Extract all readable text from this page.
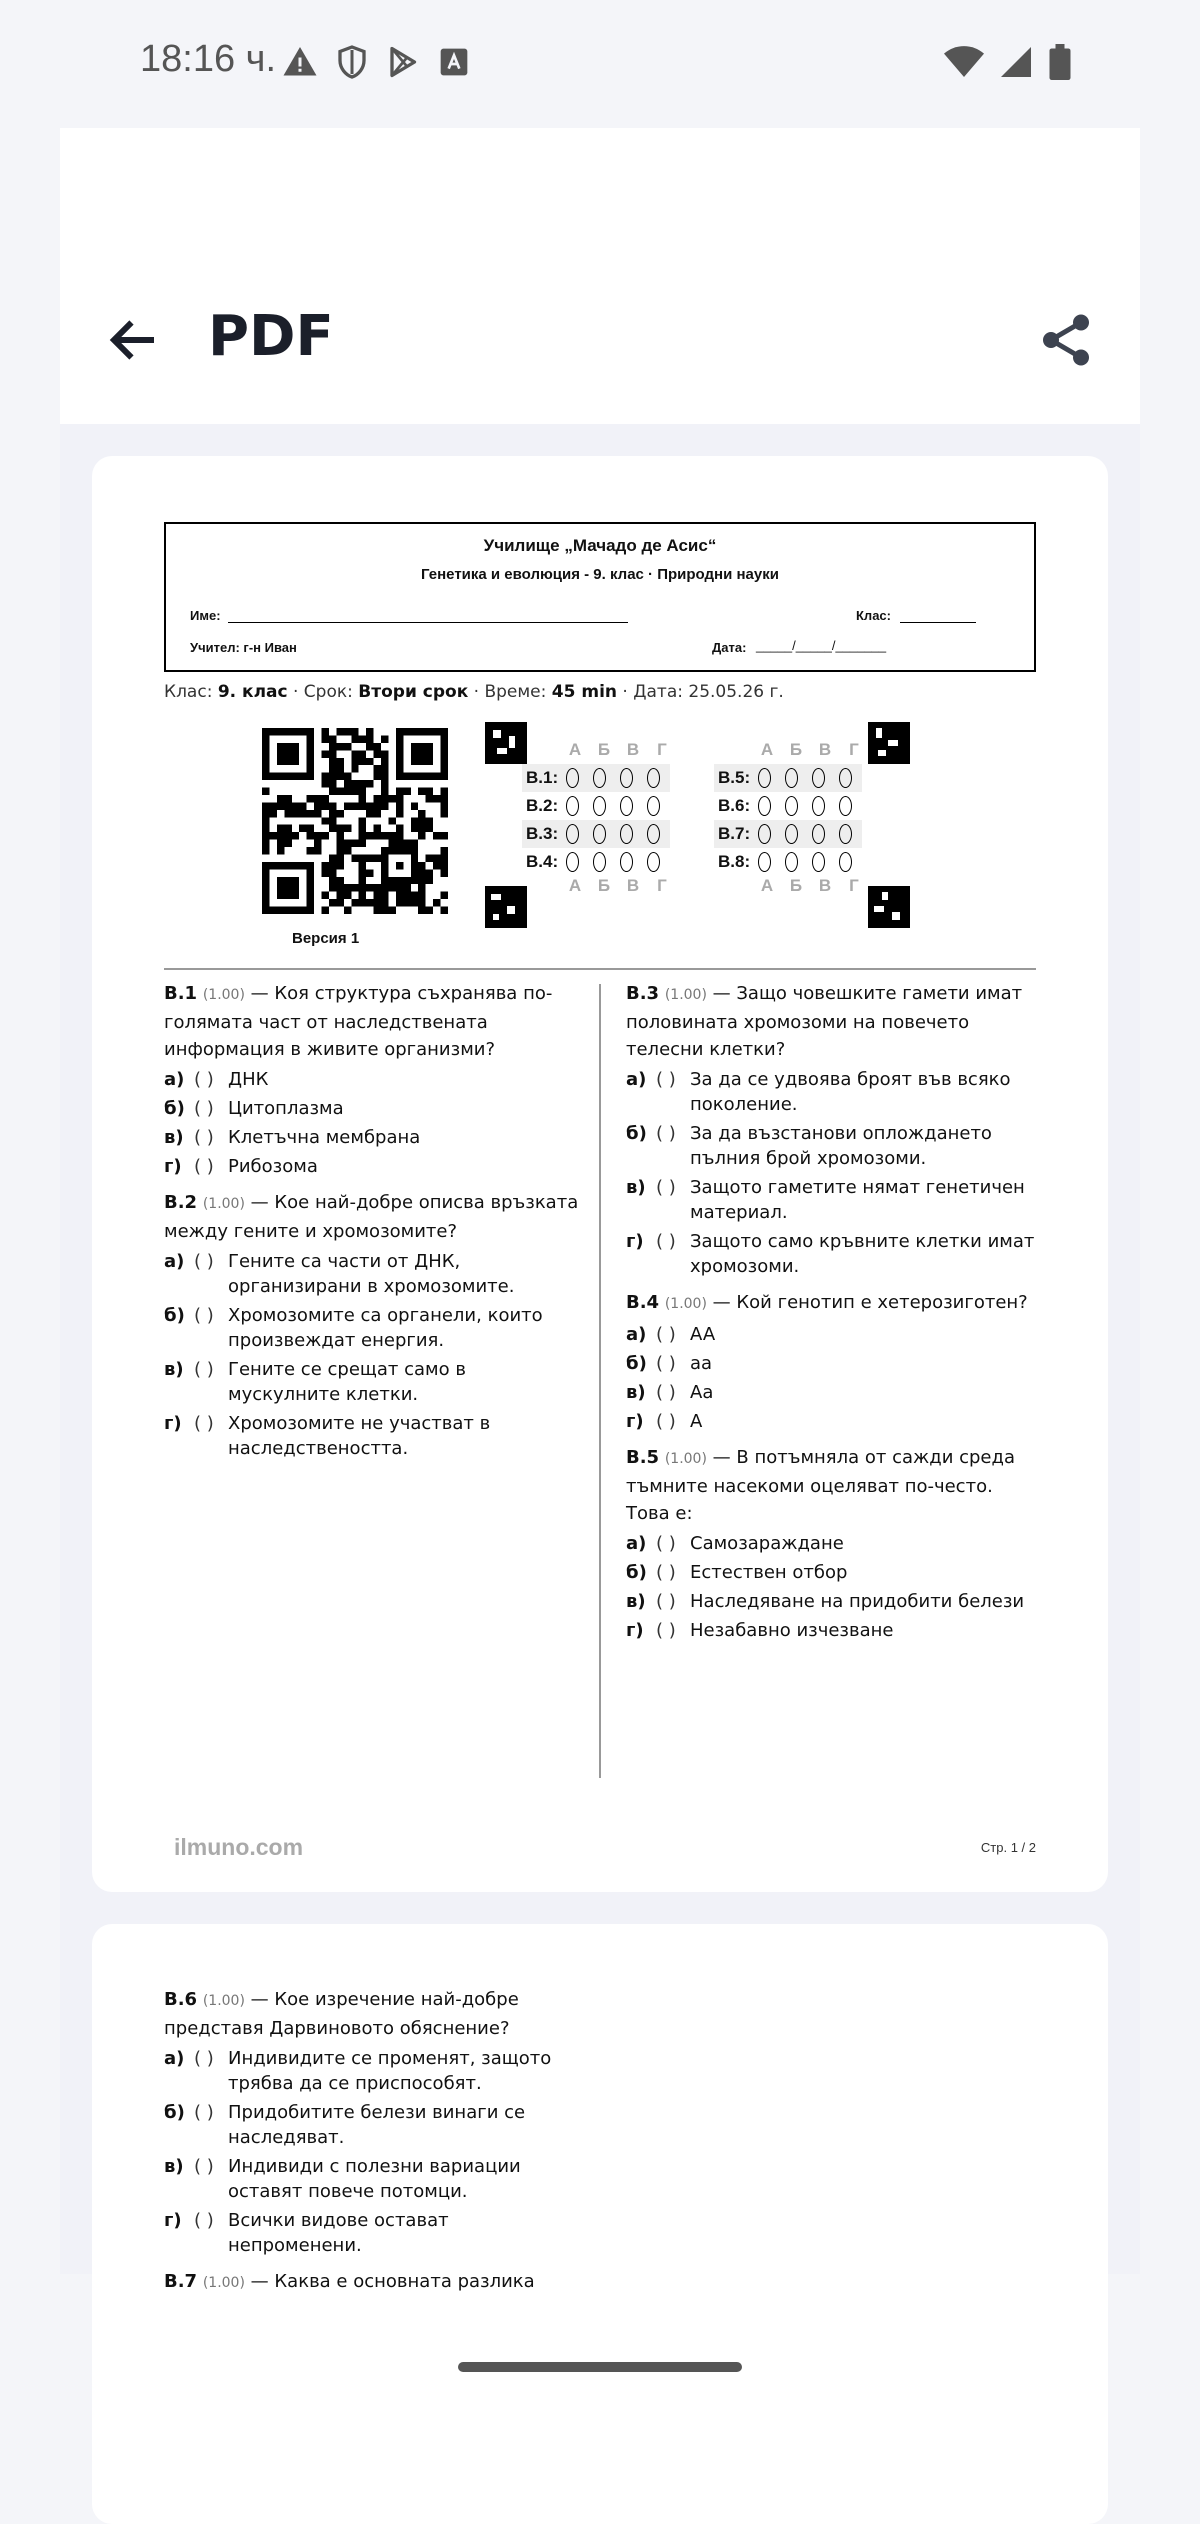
18:16 ч.
PDF
Училище „Мачадо де Асис“
Генетика и еволюция - 9. клас · Природни науки
Име:	Клас:
Учител: г-н Иван	Дата: _____/_____/_______
Клас: 9. клас · Срок: Втори срок · Време: 45 min · Дата: 25.05.26 г.
Версия 1
А Б В Г
В.1:
В.2:
В.3:
В.4:
А Б В Г
А Б В Г
В.5:
В.6:
В.7:
В.8:
А Б В Г
В.1 (1.00) — Коя структура съхранява по-голямата част от наследствената информация в живите организми?
а) ( ) ДНК
б) ( ) Цитоплазма
в) ( ) Клетъчна мембрана
г) ( ) Рибозома
В.2 (1.00) — Кое най-добре описва връзката между гените и хромозомите?
а) ( ) Гените са части от ДНК, организирани в хромозомите.
б) ( ) Хромозомите са органели, които произвеждат енергия.
в) ( ) Гените се срещат само в мускулните клетки.
г) ( ) Хромозомите не участват в наследствеността.
В.3 (1.00) — Защо човешките гамети имат половината хромозоми на повечето телесни клетки?
а) ( ) За да се удвоява броят във всяко поколение.
б) ( ) За да възстанови оплождането пълния брой хромозоми.
в) ( ) Защото гаметите нямат генетичен материал.
г) ( ) Защото само кръвните клетки имат хромозоми.
В.4 (1.00) — Кой генотип е хетерозиготен?
а) ( ) AA
б) ( ) aa
в) ( ) Aa
г) ( ) A
В.5 (1.00) — В потъмняла от сажди среда тъмните насекоми оцеляват по-често. Това е:
а) ( ) Самозараждане
б) ( ) Естествен отбор
в) ( ) Наследяване на придобити белези
г) ( ) Незабавно изчезване
ilmuno.com	Стр. 1 / 2
В.6 (1.00) — Кое изречение най-добре представя Дарвиновото обяснение?
а) ( ) Индивидите се променят, защото трябва да се приспособят.
б) ( ) Придобитите белези винаги се наследяват.
в) ( ) Индивиди с полезни вариации оставят повече потомци.
г) ( ) Всички видове остават непроменени.
В.7 (1.00) — Каква е основната разлика
